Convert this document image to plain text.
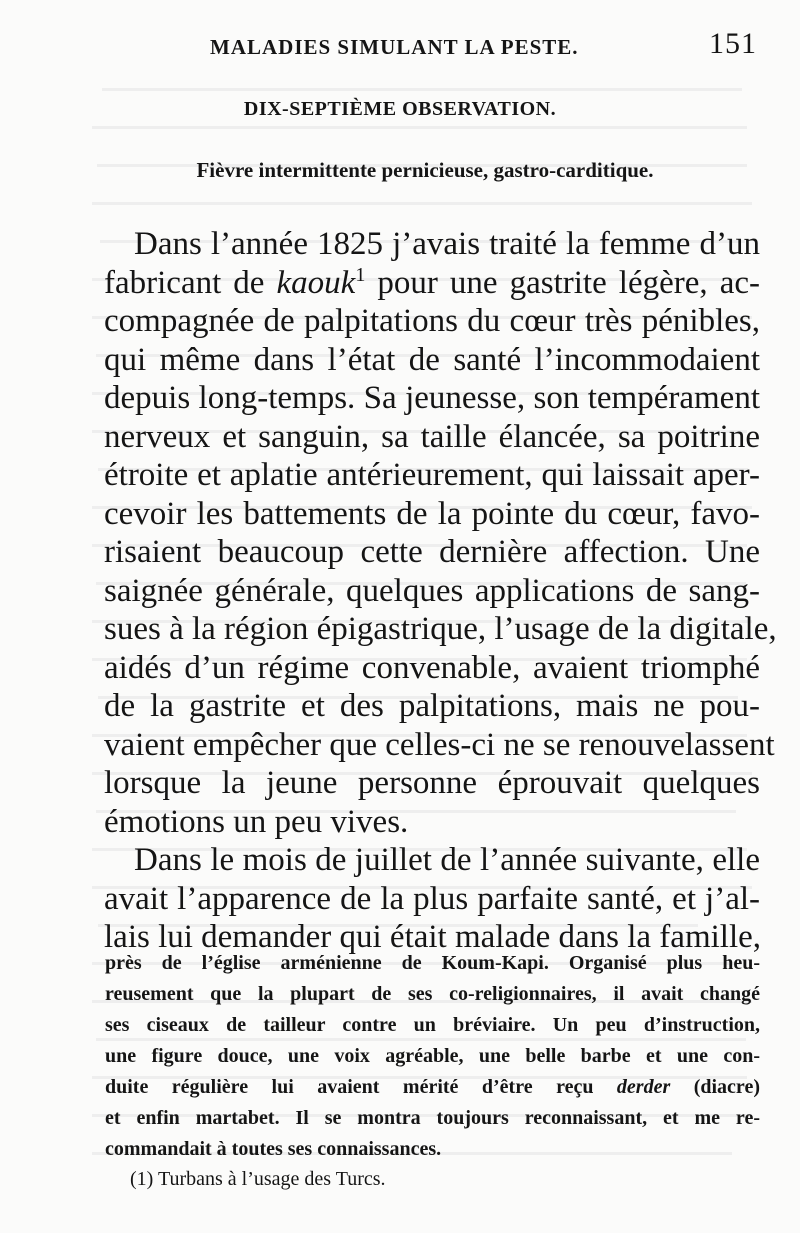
MALADIES SIMULANT LA PESTE.	151
DIX-SEPTIÈME OBSERVATION.
Fièvre intermittente pernicieuse, gastro-carditique.
Dans l’année 1825 j’avais traité la femme d’un
fabricant de kaouk$^1$ pour une gastrite légère, ac-
compagnée de palpitations du cœur très pénibles,
qui même dans l’état de santé l’incommodaient
depuis long-temps. Sa jeunesse, son tempérament
nerveux et sanguin, sa taille élancée, sa poitrine
étroite et aplatie antérieurement, qui laissait aper-
cevoir les battements de la pointe du cœur, favo-
risaient beaucoup cette dernière affection. Une
saignée générale, quelques applications de sang-
sues à la région épigastrique, l’usage de la digitale,
aidés d’un régime convenable, avaient triomphé
de la gastrite et des palpitations, mais ne pou-
vaient empêcher que celles-ci ne se renouvelassent
lorsque la jeune personne éprouvait quelques
émotions un peu vives.
Dans le mois de juillet de l’année suivante, elle
avait l’apparence de la plus parfaite santé, et j’al-
lais lui demander qui était malade dans la famille,
près de l’église arménienne de Koum-Kapi. Organisé plus heu-
reusement que la plupart de ses co-religionnaires, il avait changé
ses ciseaux de tailleur contre un bréviaire. Un peu d’instruction,
une figure douce, une voix agréable, une belle barbe et une con-
duite régulière lui avaient mérité d’être reçu derder (diacre)
et enfin martabet. Il se montra toujours reconnaissant, et me re-
commandait à toutes ses connaissances.
(1) Turbans à l’usage des Turcs.
